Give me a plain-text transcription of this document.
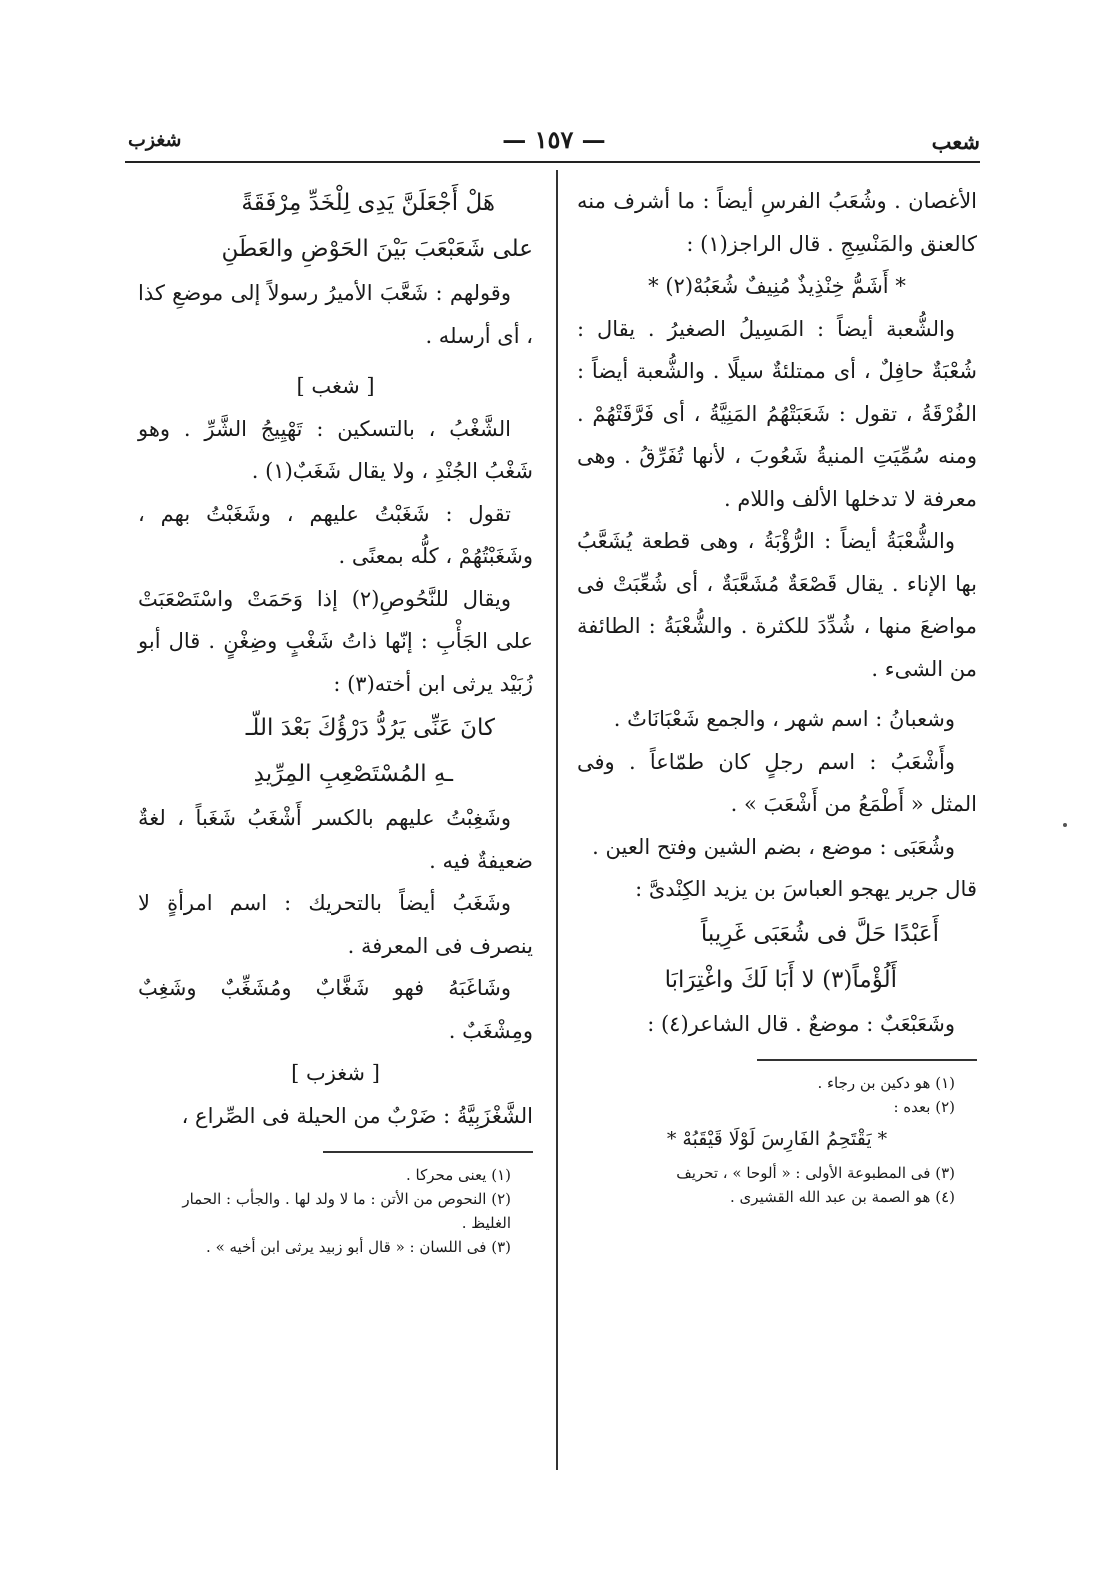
شعب
— ١٥٧ —
شغزب

الأغصان . وشُعَبُ الفرسِ أيضاً : ما أشرف منه كالعنق والمَنْسِجِ . قال الراجز(١) :

* أَشَمُّ خِنْذِيذٌ مُنِيفٌ شُعَبُهْ(٢) *

والشُّعبة أيضاً : المَسِيلُ الصغيرُ . يقال : شُعْبَةٌ حافِلٌ ، أى ممتلئةٌ سيلًا . والشُّعبة أيضاً : الفُرْقَةُ ، تقول : شَعَبَتْهُمُ المَنِيَّةُ ، أى فَرَّقَتْهُمْ . ومنه سُمِّيَتِ المنيةُ شَعُوبَ ، لأنها تُفَرِّقُ . وهى معرفة لا تدخلها الألف واللام .

والشُّعْبَةُ أيضاً : الرُّؤْبَةُ ، وهى قطعة يُشَعَّبُ بها الإناء . يقال قَصْعَةٌ مُشَعَّبَةٌ ، أى شُعِّبَتْ فى مواضعَ منها ، شُدِّدَ للكثرة . والشُّعْبَةُ : الطائفة من الشىء .

وشعبانُ : اسم شهر ، والجمع شَعْبَانَاتٌ .

وأَشْعَبُ : اسم رجلٍ كان طمّاعاً . وفى المثل « أَطْمَعُ من أَشْعَبَ » .

وشُعَبَى : موضع ، بضم الشين وفتح العين .

قال جرير يهجو العباسَ بن يزيد الكِنْدىَّ :

أَعَبْدًا حَلَّ فى شُعَبَى غَرِيباً

أَلُؤْماً(٣) لا أَبَا لَكَ واغْتِرَابَا

وشَعَبْعَبٌ : موضعٌ . قال الشاعر(٤) :

(١) هو دكين بن رجاء .

(٢) بعده :

* يَقْتَحِمُ الفَارِسَ لَوْلَا قَيْقَبُهْ *

(٣) فى المطبوعة الأولى : « ألوحا » ، تحريف

(٤) هو الصمة بن عبد الله القشيرى .

هَلْ أَجْعَلَنَّ يَدِى لِلْخَدِّ مِرْفَقَةً

على شَعَبْعَبَ بَيْنَ الحَوْضِ والعَطَنِ

وقولهم : شَعَّبَ الأميرُ رسولاً إلى موضعِ كذا ، أى أرسله .

[ شغب ]

الشَّغْبُ ، بالتسكين : تَهْيِيجُ الشَّرِّ . وهو شَغْبُ الجُنْدِ ، ولا يقال شَغَبٌ(١) .

تقول : شَغَبْتُ عليهم ، وشَغَبْتُ بهم ، وشَغَبْتُهُمْ ، كلُّه بمعنًى .

ويقال للنَّحُوصِ(٢) إذا وَحَمَتْ واسْتَصْعَبَتْ على الجَأْبِ : إنّها ذاتُ شَغْبٍ وضِغْنٍ . قال أبو زُبَيْد يرثى ابن أخته(٣) :

كانَ عَنِّى يَرُدُّ دَرْؤُكَ بَعْدَ اللّـ

ـهِ المُسْتَصْعِبِ المِرِّيدِ

وشَغِبْتُ عليهم بالكسر أَشْغَبُ شَغَباً ، لغةٌ ضعيفةٌ فيه .

وشَغَبُ أيضاً بالتحريك : اسم امرأةٍ لا ينصرف فى المعرفة .

وشَاغَبَهُ فهو شَغَّابٌ ومُشَغِّبٌ وشَغِبٌ ومِشْغَبٌ .

[ شغزب ]

الشَّغْزَبِيَّةُ : ضَرْبٌ من الحيلة فى الصِّراع ،

(١) يعنى محركا .

(٢) النحوص من الأتن : ما لا ولد لها . والجأب : الحمار الغليظ .

(٣) فى اللسان : « قال أبو زبيد يرثى ابن أخيه » .
